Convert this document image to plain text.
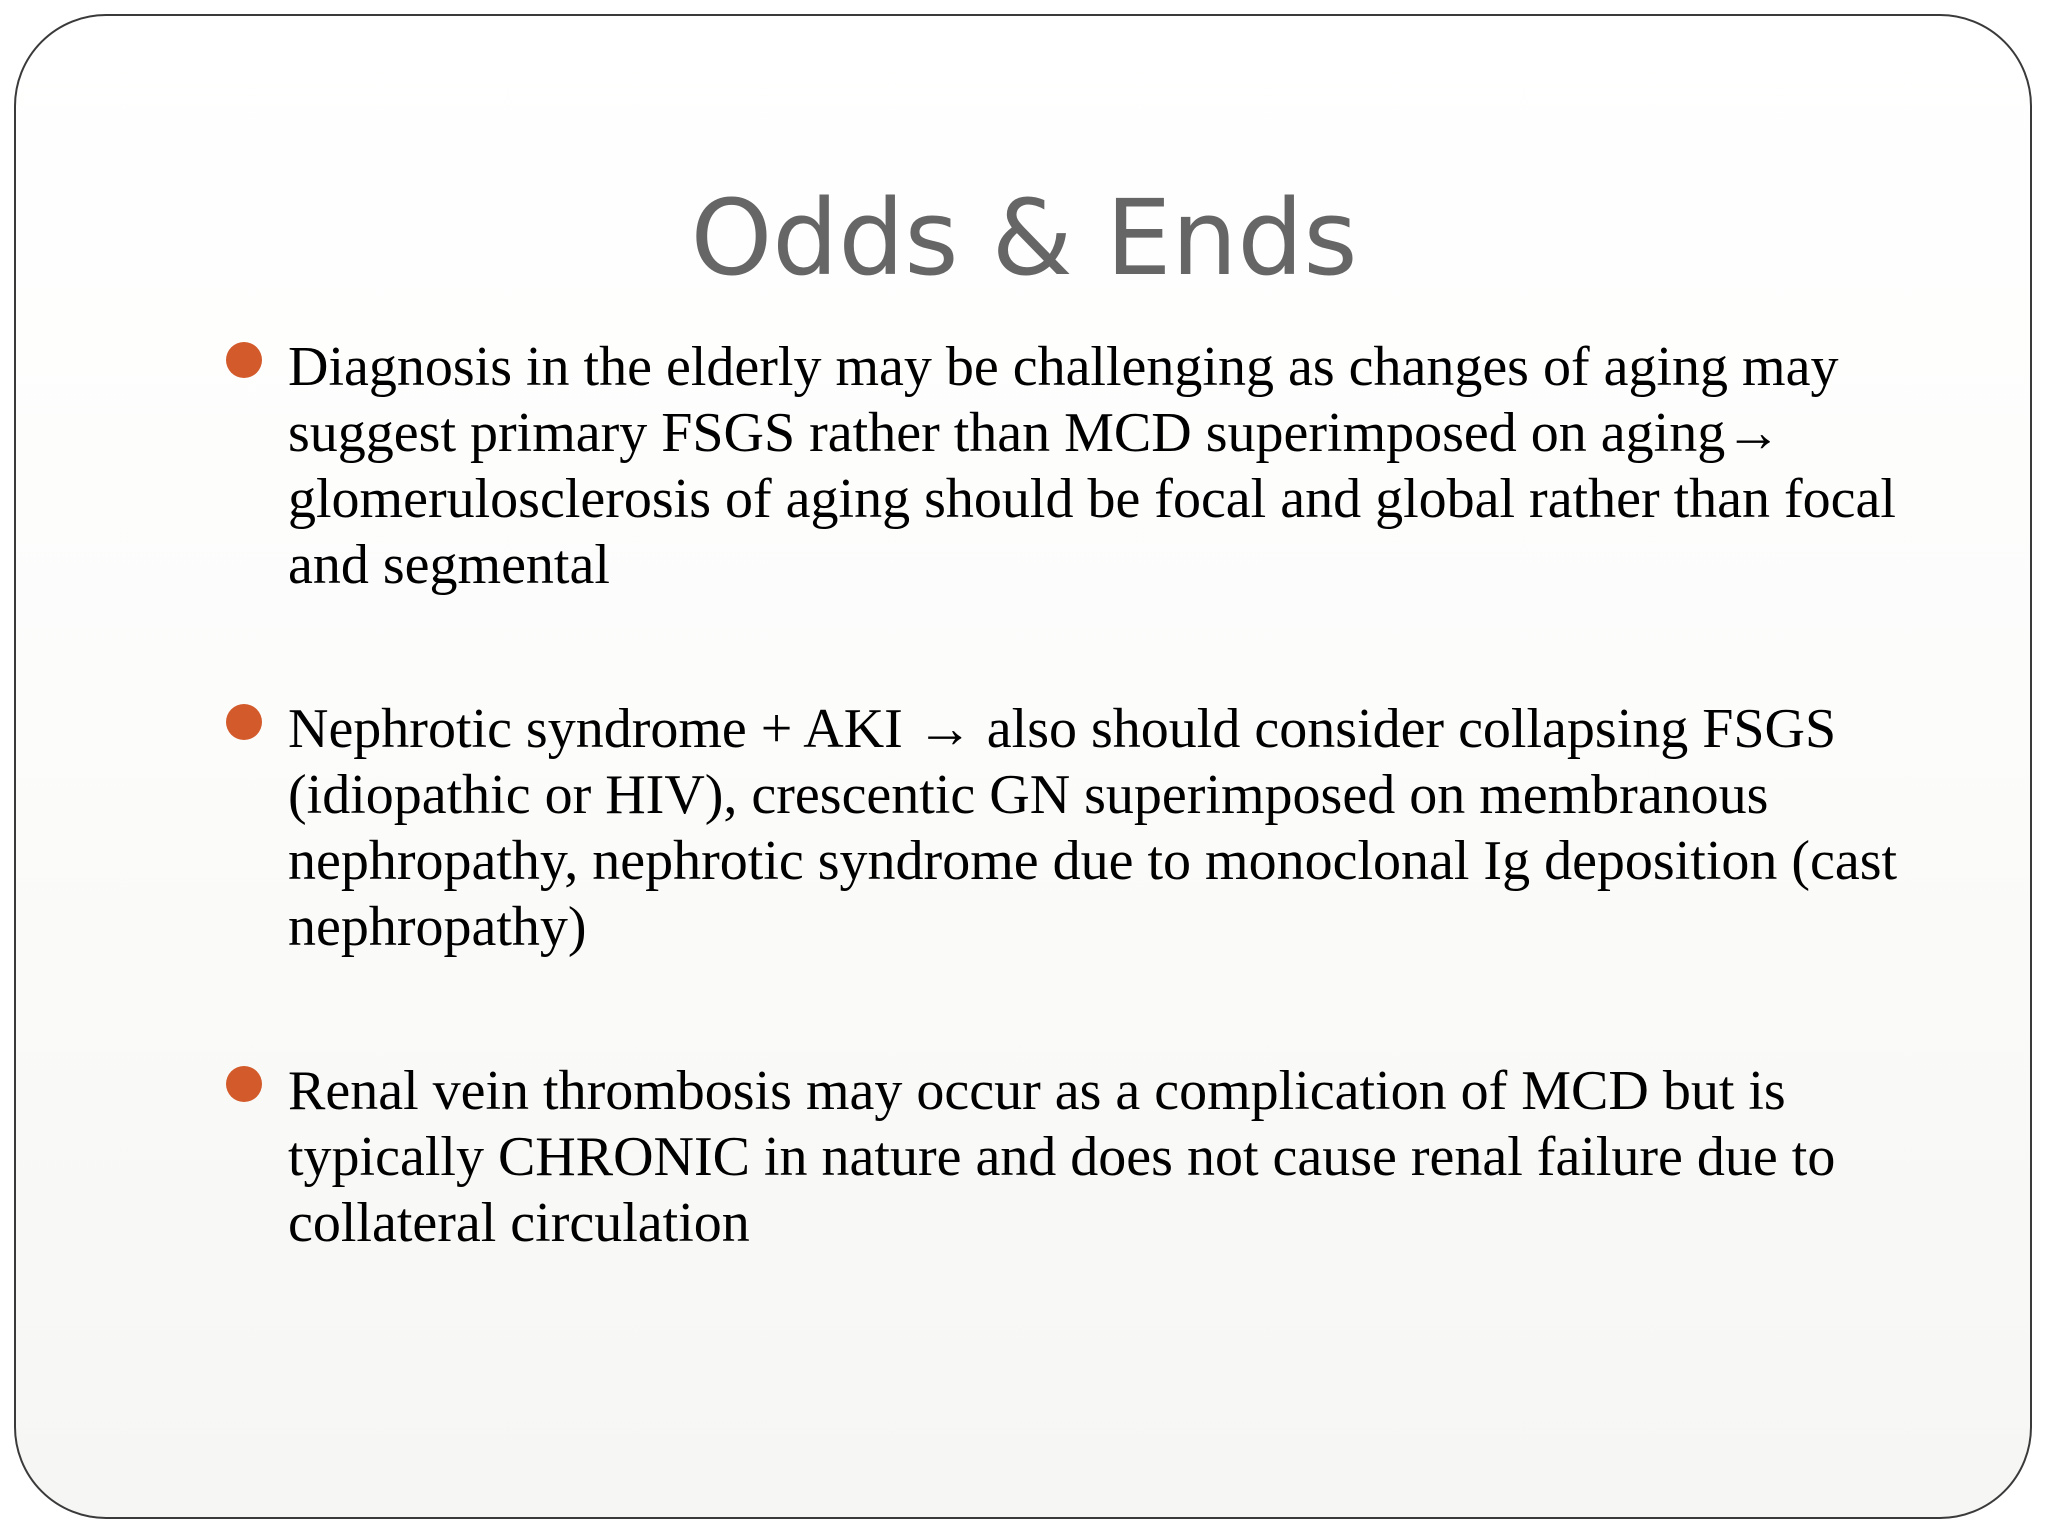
Odds & Ends
Diagnosis in the elderly may be challenging as changes of aging may suggest primary FSGS rather than MCD superimposed on aging→ glomerulosclerosis of aging should be focal and global rather than focal and segmental
Nephrotic syndrome + AKI → also should consider collapsing FSGS (idiopathic or HIV), crescentic GN superimposed on membranous nephropathy, nephrotic syndrome due to monoclonal Ig deposition (cast nephropathy)
Renal vein thrombosis may occur as a complication of MCD but is typically CHRONIC in nature and does not cause renal failure due to collateral circulation
